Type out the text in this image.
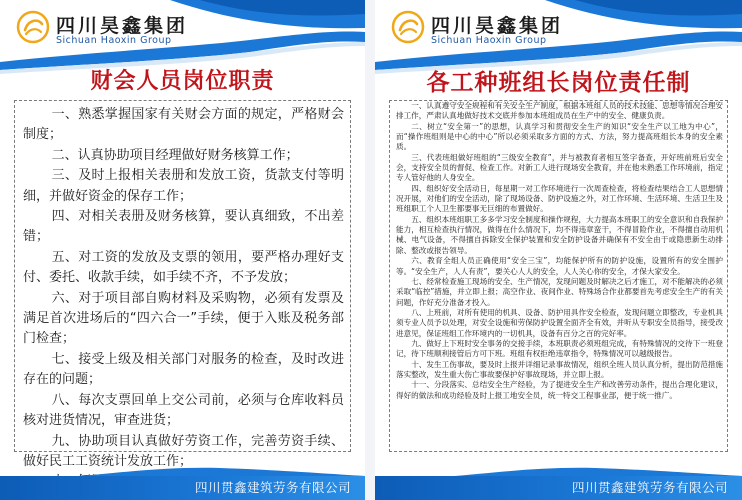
四川昊鑫集团
Sichuan Haoxin Group
财会人员岗位职责

一、熟悉掌握国家有关财会方面的规定，严格财会制度；

二、认真协助项目经理做好财务核算工作；

三、及时上报相关表册和发放工资，货款支付等明细，并做好资金的保存工作；

四、对相关表册及财务核算，要认真细致，不出差错；

五、对工资的发放及支票的领用，要严格办理好支付、委托、收款手续，如手续不齐，不予发放；

六、对于项目部自购材料及采购物，必须有发票及满足首次进场后的“四六合一”手续，便于入账及税务部门检查；

七、接受上级及相关部门对服务的检查，及时改进存在的问题；

八、每次支票回单上交公司前，必须与仓库收料员核对进货情况，审查进货；

九、协助项目认真做好劳资工作，完善劳资手续、做好民工工资统计发放工作；

四川贯鑫建筑劳务有限公司
四川昊鑫集团
Sichuan Haoxin Group
各工种班组长岗位责任制

一、认真遵守安全规程和有关安全生产制度，根据本班组人员的技术技能、思想等情况合理安排工作，严肃认真地做好技术交底并参加本班组成员在生产中的安全、健康负责。

二、树立“安全第一”的思想，认真学习和贯彻安全生产的知识“安全生产以工地为中心”，而“操作班组则是中心的中心”所以必须采取多方面的方式、方法，努力提高班组长本身的安全素质。

三、代表班组做好班组的“三级安全教育”，并与被教育者相互签字备查，开好班前班后安全会，支持安全员的督促、检查工作。对新工人进行现场安全教育，并在他未熟悉工作环境前，指定专人管好他的人身安全。

四、组织好安全活动日，每星期一对工作环境进行一次周查检查，将检查结果结合工人思想情况开展，对他们的安全活动，除了现场设备、防护设施之外，对工作环境、生活环境、生活卫生及班组职工个人卫生都要事无巨细的布置做好。

五、组织本班组职工多多学习安全制度和操作规程，大力提高本班职工的安全意识和自我保护能力，相互检查执行情况，做得在什么情况下，均不得违章蛮干，不得冒险作业，不得擅自动用机械、电气设备，不得擅自拆除安全保护装置和安全防护设备并确保有不安全由于或隐患新生动排除、整改或报告领导。

六、教育全组人员正确使用“安全三宝”，均能保护所有的防护设施，设置所有的安全围护等。“安全生产，人人有责”，要关心人人的安全，人人关心你的安全，才保大家安全。

七、经常检查施工现场的安全、生产情况，发现问题及时解决之后才施工，对不能解决的必须采取“临控”措施，并立即上报；高空作业、夜间作业、特殊场合作业都要首先考虑安全生产的有关问题，作好充分准备才投入。

八、上班前，对所有使用的机具、设备、防护用具作安全检查，发现问题立即整改，专业机具须专业人员予以处理，对安全设施和劳保防护设置全面齐全有效，并听从专职安全员指导，接受改进意见，保证班组工作环境内的一切机具，设备有百分之百的完好率。

九、做好上下班时安全事务的交接手续，本班职责必须班组完成，有特殊情况的交待下一班登记，待下班顺利接管后方可下班。班组有权拒绝违章指令，特殊情况可以越级报告。

十、发生工伤事故，要及时上报并详细记录事故情况，组织全班人员认真分析，提出防范措施落实整改，发生重大伤亡事故要保护好事故现场，并立即上报。

十一、分段落实、总结安全生产经验，为了提进安全生产和改善劳动条件，提出合理化建议，得好的做法和成功经验及时上报工地安全员，统一特交工程事业部，便于统一推广。

四川贯鑫建筑劳务有限公司
